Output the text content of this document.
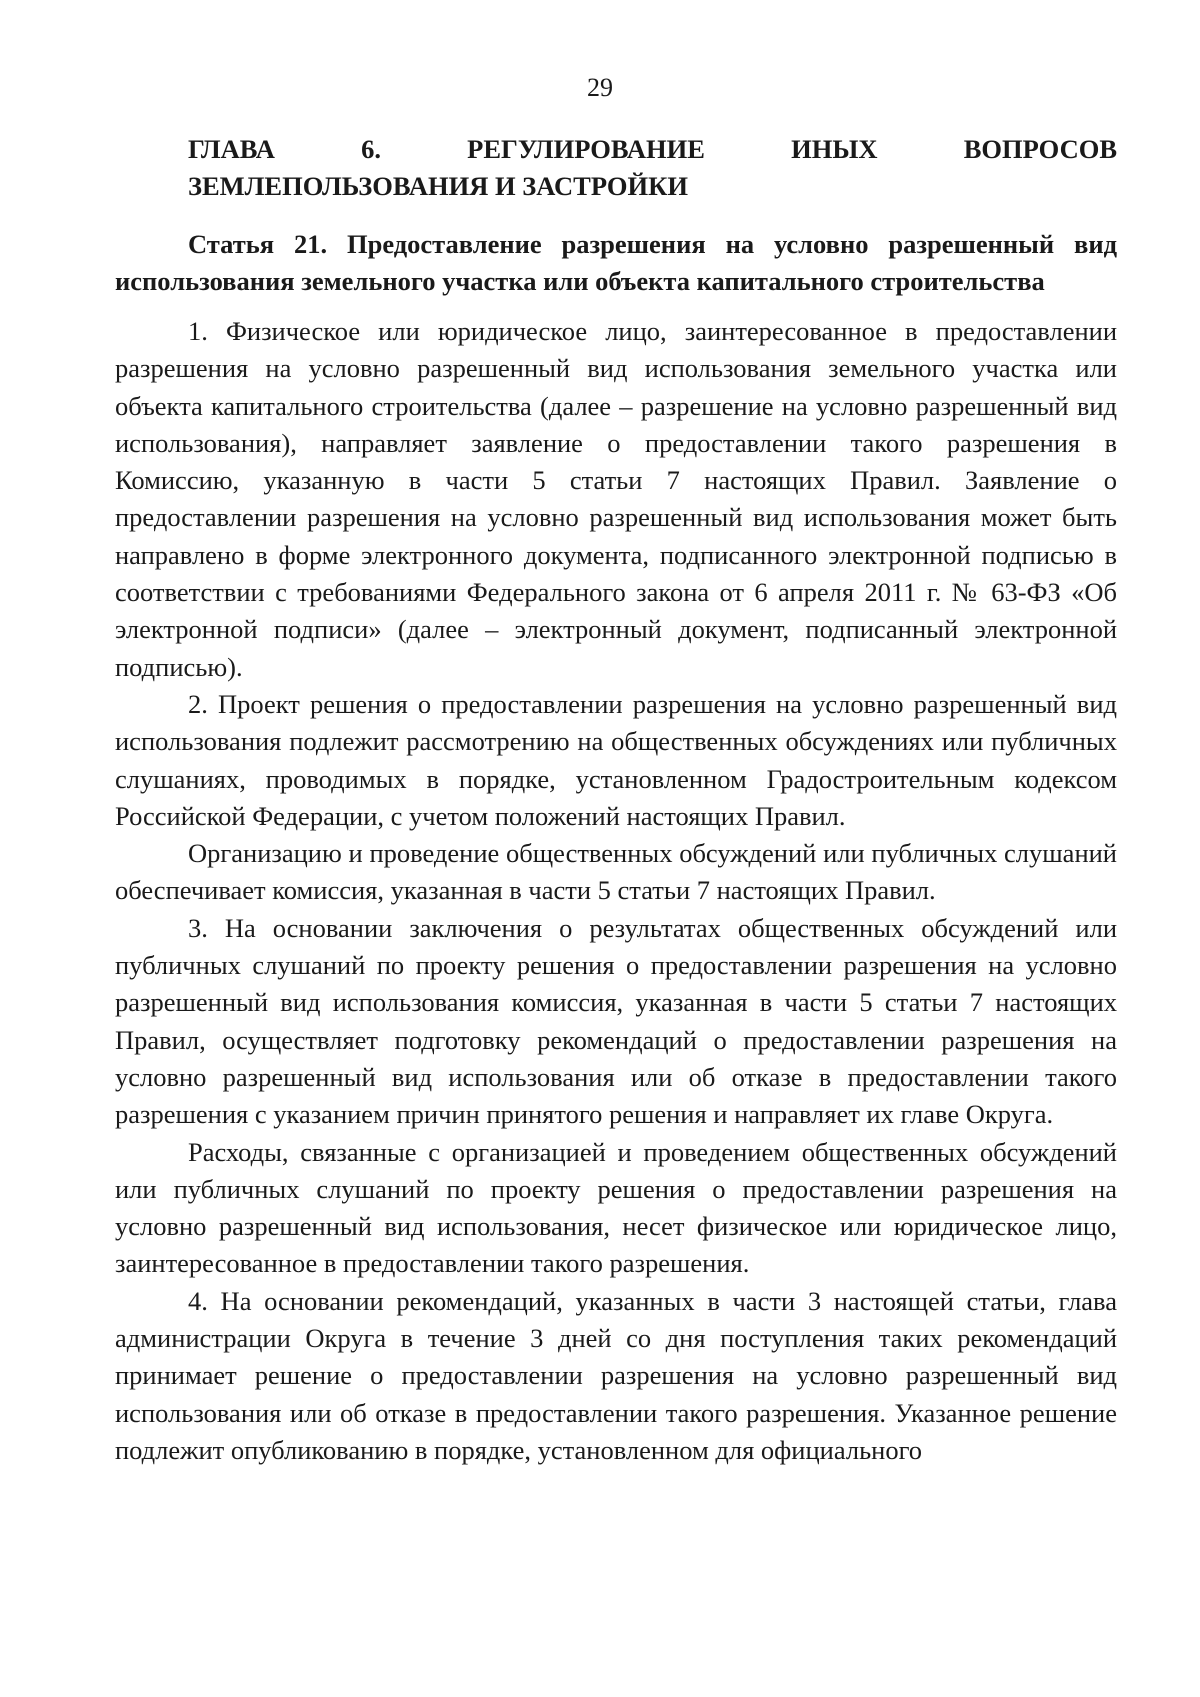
29
ГЛАВА 6. РЕГУЛИРОВАНИЕ ИНЫХ ВОПРОСОВ
ЗЕМЛЕПОЛЬЗОВАНИЯ И ЗАСТРОЙКИ
Статья 21. Предоставление разрешения на условно разрешенный вид использования земельного участка или объекта капитального строительства

1. Физическое или юридическое лицо, заинтересованное в предоставлении разрешения на условно разрешенный вид использования земельного участка или объекта капитального строительства (далее – разрешение на условно разрешенный вид использования), направляет заявление о предоставлении такого разрешения в Комиссию, указанную в части 5 статьи 7 настоящих Правил. Заявление о предоставлении разрешения на условно разрешенный вид использования может быть направлено в форме электронного документа, подписанного электронной подписью в соответствии с требованиями Федерального закона от 6 апреля 2011 г. № 63-ФЗ «Об электронной подписи» (далее – электронный документ, подписанный электронной подписью).

2. Проект решения о предоставлении разрешения на условно разрешенный вид использования подлежит рассмотрению на общественных обсуждениях или публичных слушаниях, проводимых в порядке, установленном Градостроительным кодексом Российской Федерации, с учетом положений настоящих Правил.

Организацию и проведение общественных обсуждений или публичных слушаний обеспечивает комиссия, указанная в части 5 статьи 7 настоящих Правил.

3. На основании заключения о результатах общественных обсуждений или публичных слушаний по проекту решения о предоставлении разрешения на условно разрешенный вид использования комиссия, указанная в части 5 статьи 7 настоящих Правил, осуществляет подготовку рекомендаций о предоставлении разрешения на условно разрешенный вид использования или об отказе в предоставлении такого разрешения с указанием причин принятого решения и направляет их главе Округа.

Расходы, связанные с организацией и проведением общественных обсуждений или публичных слушаний по проекту решения о предоставлении разрешения на условно разрешенный вид использования, несет физическое или юридическое лицо, заинтересованное в предоставлении такого разрешения.

4. На основании рекомендаций, указанных в части 3 настоящей статьи, глава администрации Округа в течение 3 дней со дня поступления таких рекомендаций принимает решение о предоставлении разрешения на условно разрешенный вид использования или об отказе в предоставлении такого разрешения. Указанное решение подлежит опубликованию в порядке, установленном для официального
